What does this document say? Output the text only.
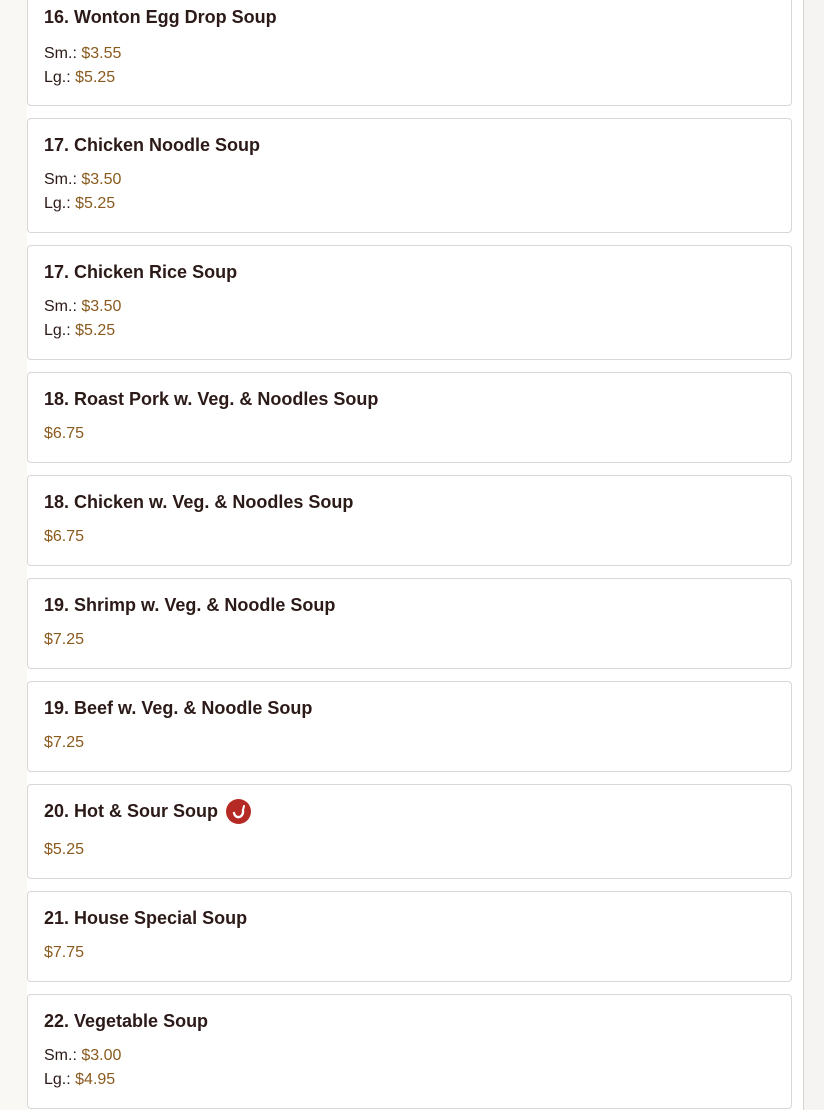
16. Wonton Egg Drop Soup
Sm.: $3.55
Lg.: $5.25
17. Chicken Noodle Soup
Sm.: $3.50
Lg.: $5.25
17. Chicken Rice Soup
Sm.: $3.50
Lg.: $5.25
18. Roast Pork w. Veg. & Noodles Soup
$6.75
18. Chicken w. Veg. & Noodles Soup
$6.75
19. Shrimp w. Veg. & Noodle Soup
$7.25
19. Beef w. Veg. & Noodle Soup
$7.25
20. Hot & Sour Soup
$5.25
21. House Special Soup
$7.75
22. Vegetable Soup
Sm.: $3.00
Lg.: $4.95
